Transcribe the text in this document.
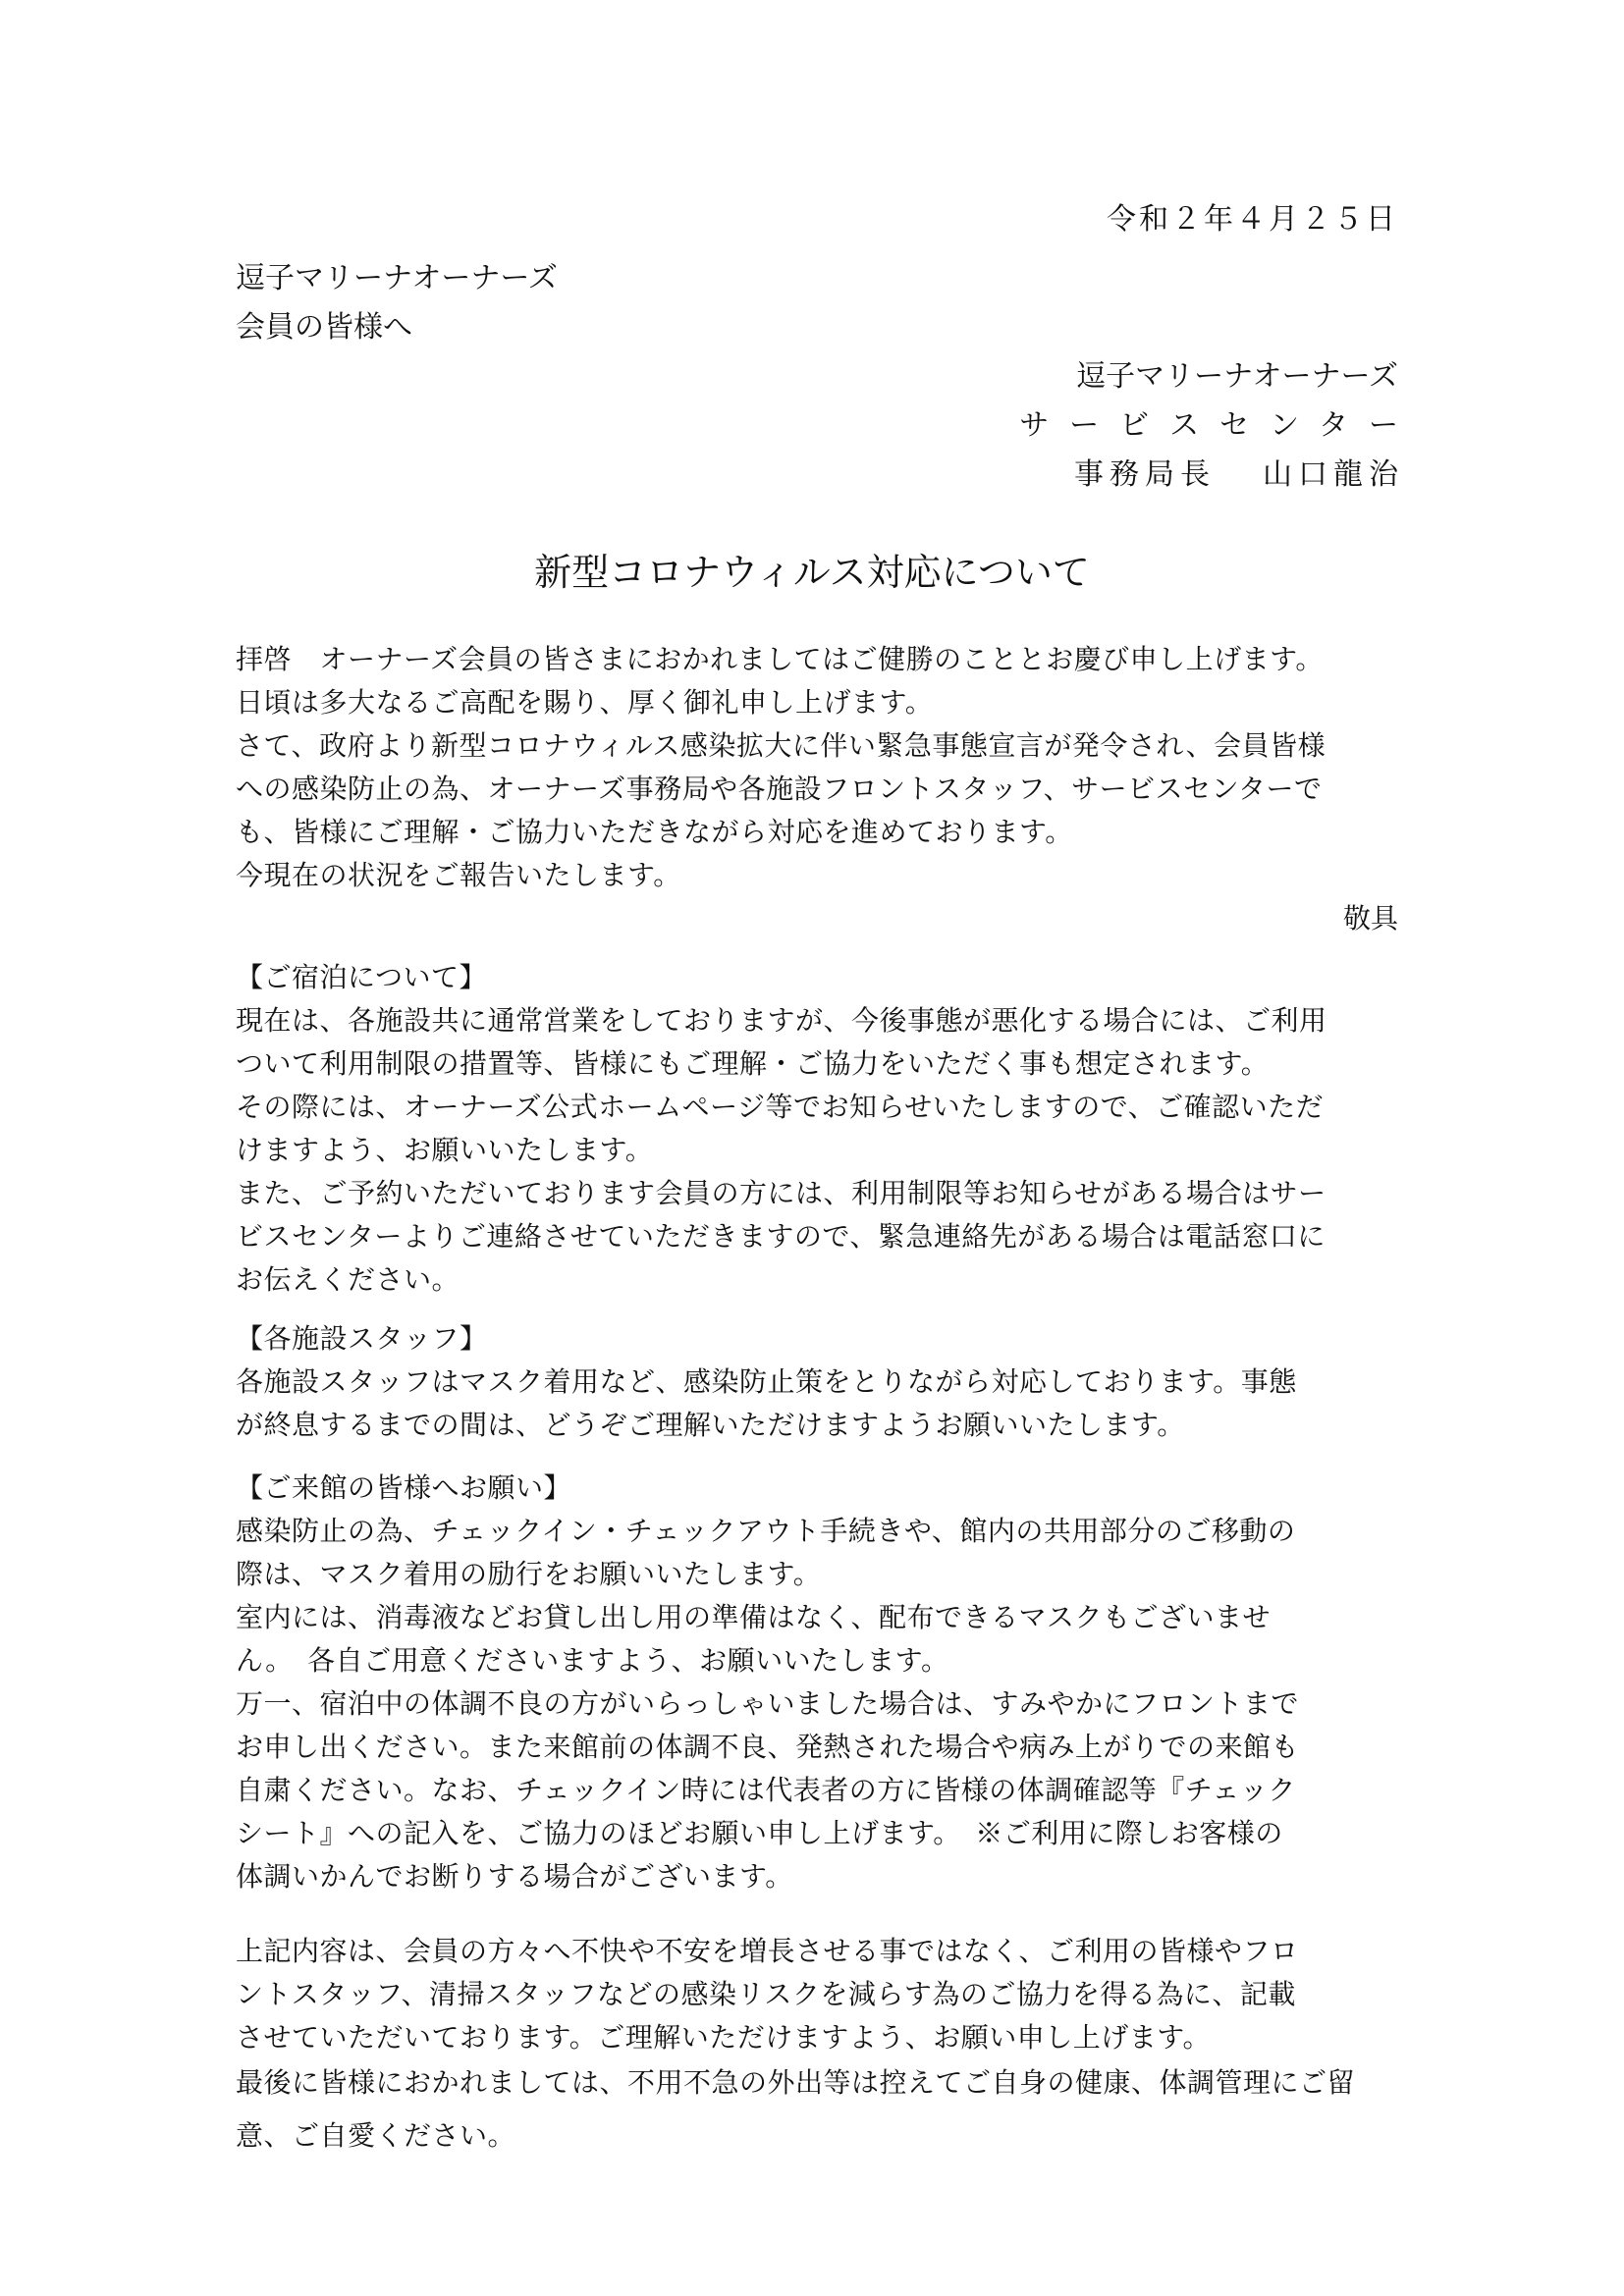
令和２年４月２５日
逗子マリーナオーナーズ
会員の皆様へ
逗子マリーナオーナーズ
サービスセンター
事務局長 山口龍治
新型コロナウィルス対応について
拝啓　オーナーズ会員の皆さまにおかれましてはご健勝のこととお慶び申し上げます。
日頃は多大なるご高配を賜り、厚く御礼申し上げます。
さて、政府より新型コロナウィルス感染拡大に伴い緊急事態宣言が発令され、会員皆様
への感染防止の為、オーナーズ事務局や各施設フロントスタッフ、サービスセンターで
も、皆様にご理解・ご協力いただきながら対応を進めております。
今現在の状況をご報告いたします。
敬具
【ご宿泊について】
現在は、各施設共に通常営業をしておりますが、今後事態が悪化する場合には、ご利用
ついて利用制限の措置等、皆様にもご理解・ご協力をいただく事も想定されます。
その際には、オーナーズ公式ホームページ等でお知らせいたしますので、ご確認いただ
けますよう、お願いいたします。
また、ご予約いただいております会員の方には、利用制限等お知らせがある場合はサー
ビスセンターよりご連絡させていただきますので、緊急連絡先がある場合は電話窓口に
お伝えください。
【各施設スタッフ】
各施設スタッフはマスク着用など、感染防止策をとりながら対応しております。事態
が終息するまでの間は、どうぞご理解いただけますようお願いいたします。
【ご来館の皆様へお願い】
感染防止の為、チェックイン・チェックアウト手続きや、館内の共用部分のご移動の
際は、マスク着用の励行をお願いいたします。
室内には、消毒液などお貸し出し用の準備はなく、配布できるマスクもございませ
ん。　各自ご用意くださいますよう、お願いいたします。
万一、宿泊中の体調不良の方がいらっしゃいました場合は、すみやかにフロントまで
お申し出ください。また来館前の体調不良、発熱された場合や病み上がりでの来館も
自粛ください。なお、チェックイン時には代表者の方に皆様の体調確認等『チェック
シート』への記入を、ご協力のほどお願い申し上げます。　※ご利用に際しお客様の
体調いかんでお断りする場合がございます。
上記内容は、会員の方々へ不快や不安を増長させる事ではなく、ご利用の皆様やフロ
ントスタッフ、清掃スタッフなどの感染リスクを減らす為のご協力を得る為に、記載
させていただいております。ご理解いただけますよう、お願い申し上げます。
最後に皆様におかれましては、不用不急の外出等は控えてご自身の健康、体調管理にご留
意、ご自愛ください。
